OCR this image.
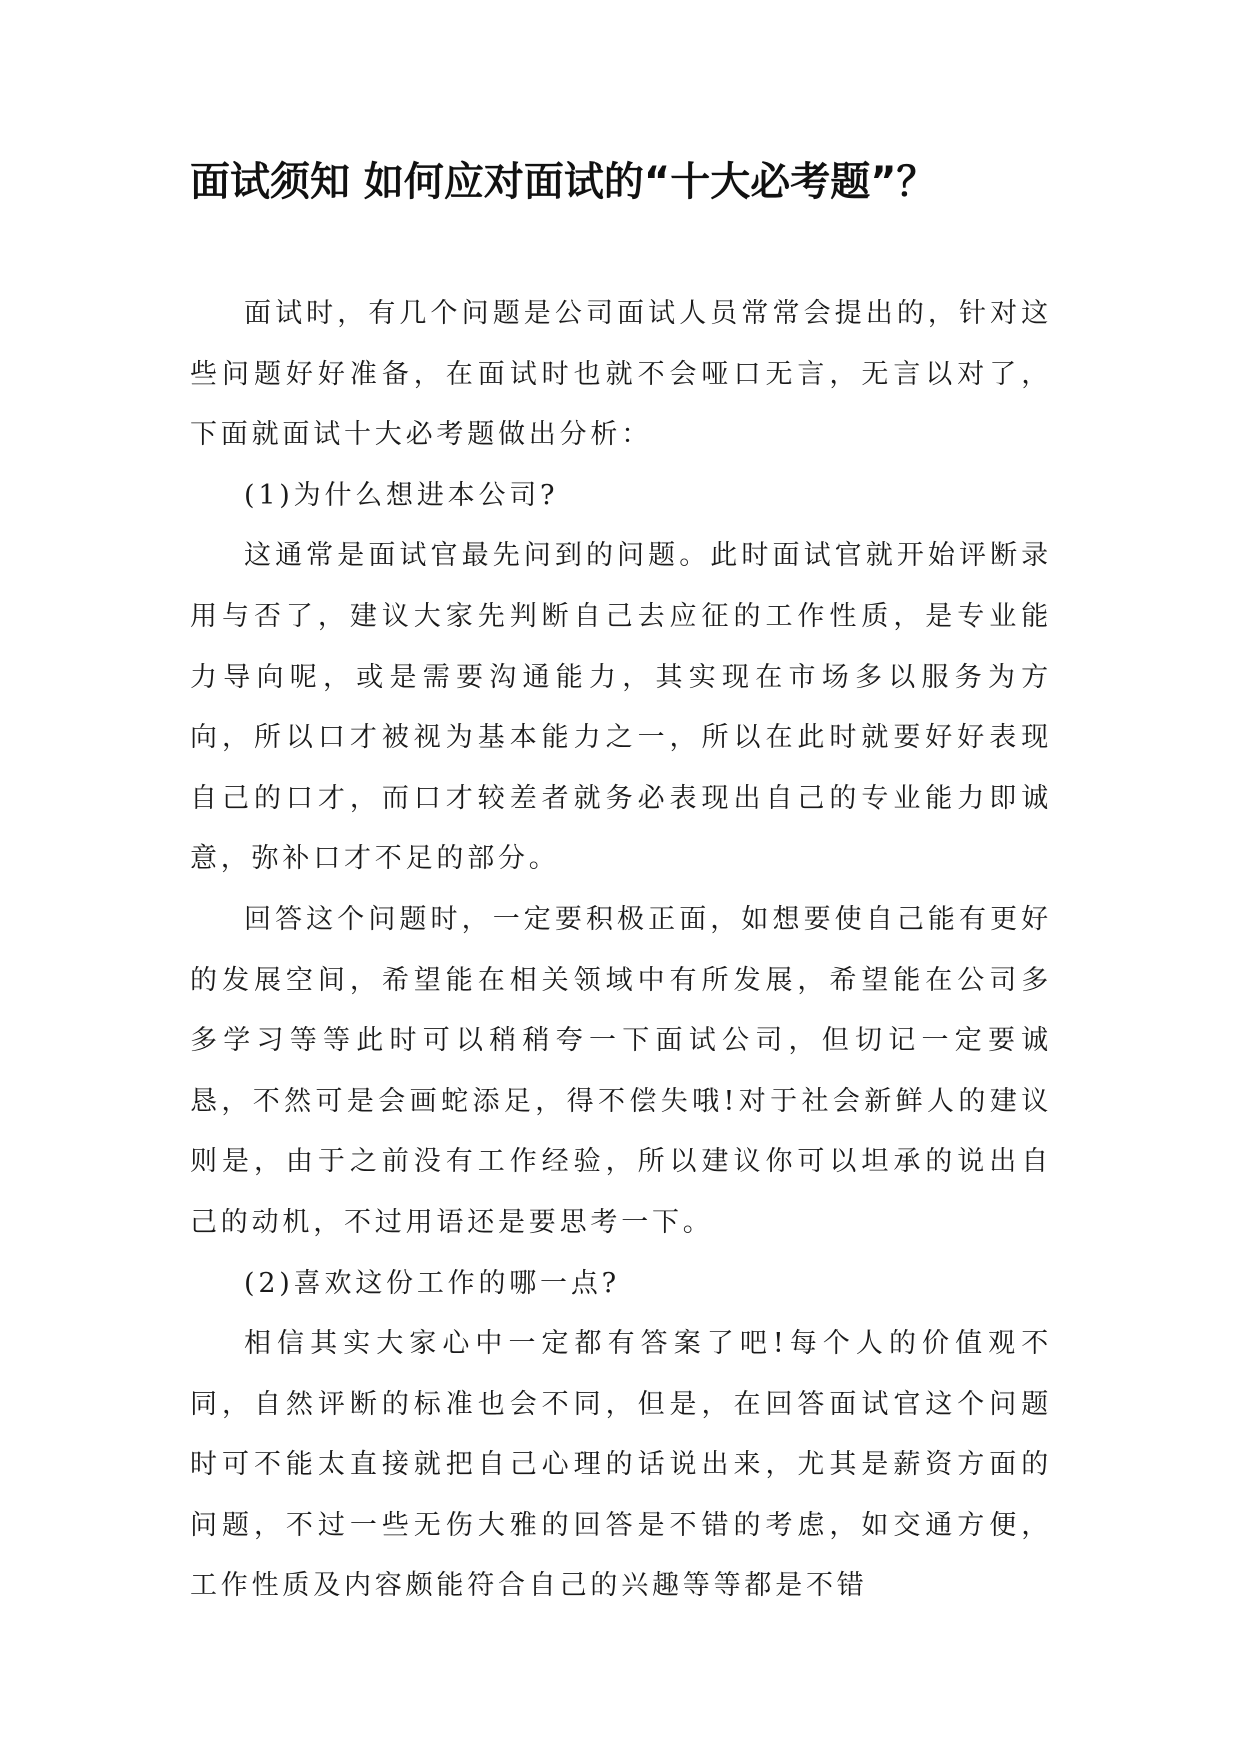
面试须知 如何应对面试的“十大必考题”？

面试时，有几个问题是公司面试人员常常会提出的，针对这些问题好好准备，在面试时也就不会哑口无言，无言以对了，下面就面试十大必考题做出分析：

(1)为什么想进本公司?

这通常是面试官最先问到的问题。此时面试官就开始评断录用与否了，建议大家先判断自己去应征的工作性质，是专业能力导向呢，或是需要沟通能力，其实现在市场多以服务为方向，所以口才被视为基本能力之一，所以在此时就要好好表现自己的口才，而口才较差者就务必表现出自己的专业能力即诚意，弥补口才不足的部分。

回答这个问题时，一定要积极正面，如想要使自己能有更好的发展空间，希望能在相关领域中有所发展，希望能在公司多多学习等等此时可以稍稍夸一下面试公司，但切记一定要诚恳，不然可是会画蛇添足，得不偿失哦!对于社会新鲜人的建议则是，由于之前没有工作经验，所以建议你可以坦承的说出自己的动机，不过用语还是要思考一下。

(2)喜欢这份工作的哪一点?

相信其实大家心中一定都有答案了吧!每个人的价值观不同，自然评断的标准也会不同，但是，在回答面试官这个问题时可不能太直接就把自己心理的话说出来，尤其是薪资方面的问题，不过一些无伤大雅的回答是不错的考虑，如交通方便，工作性质及内容颇能符合自己的兴趣等等都是不错
